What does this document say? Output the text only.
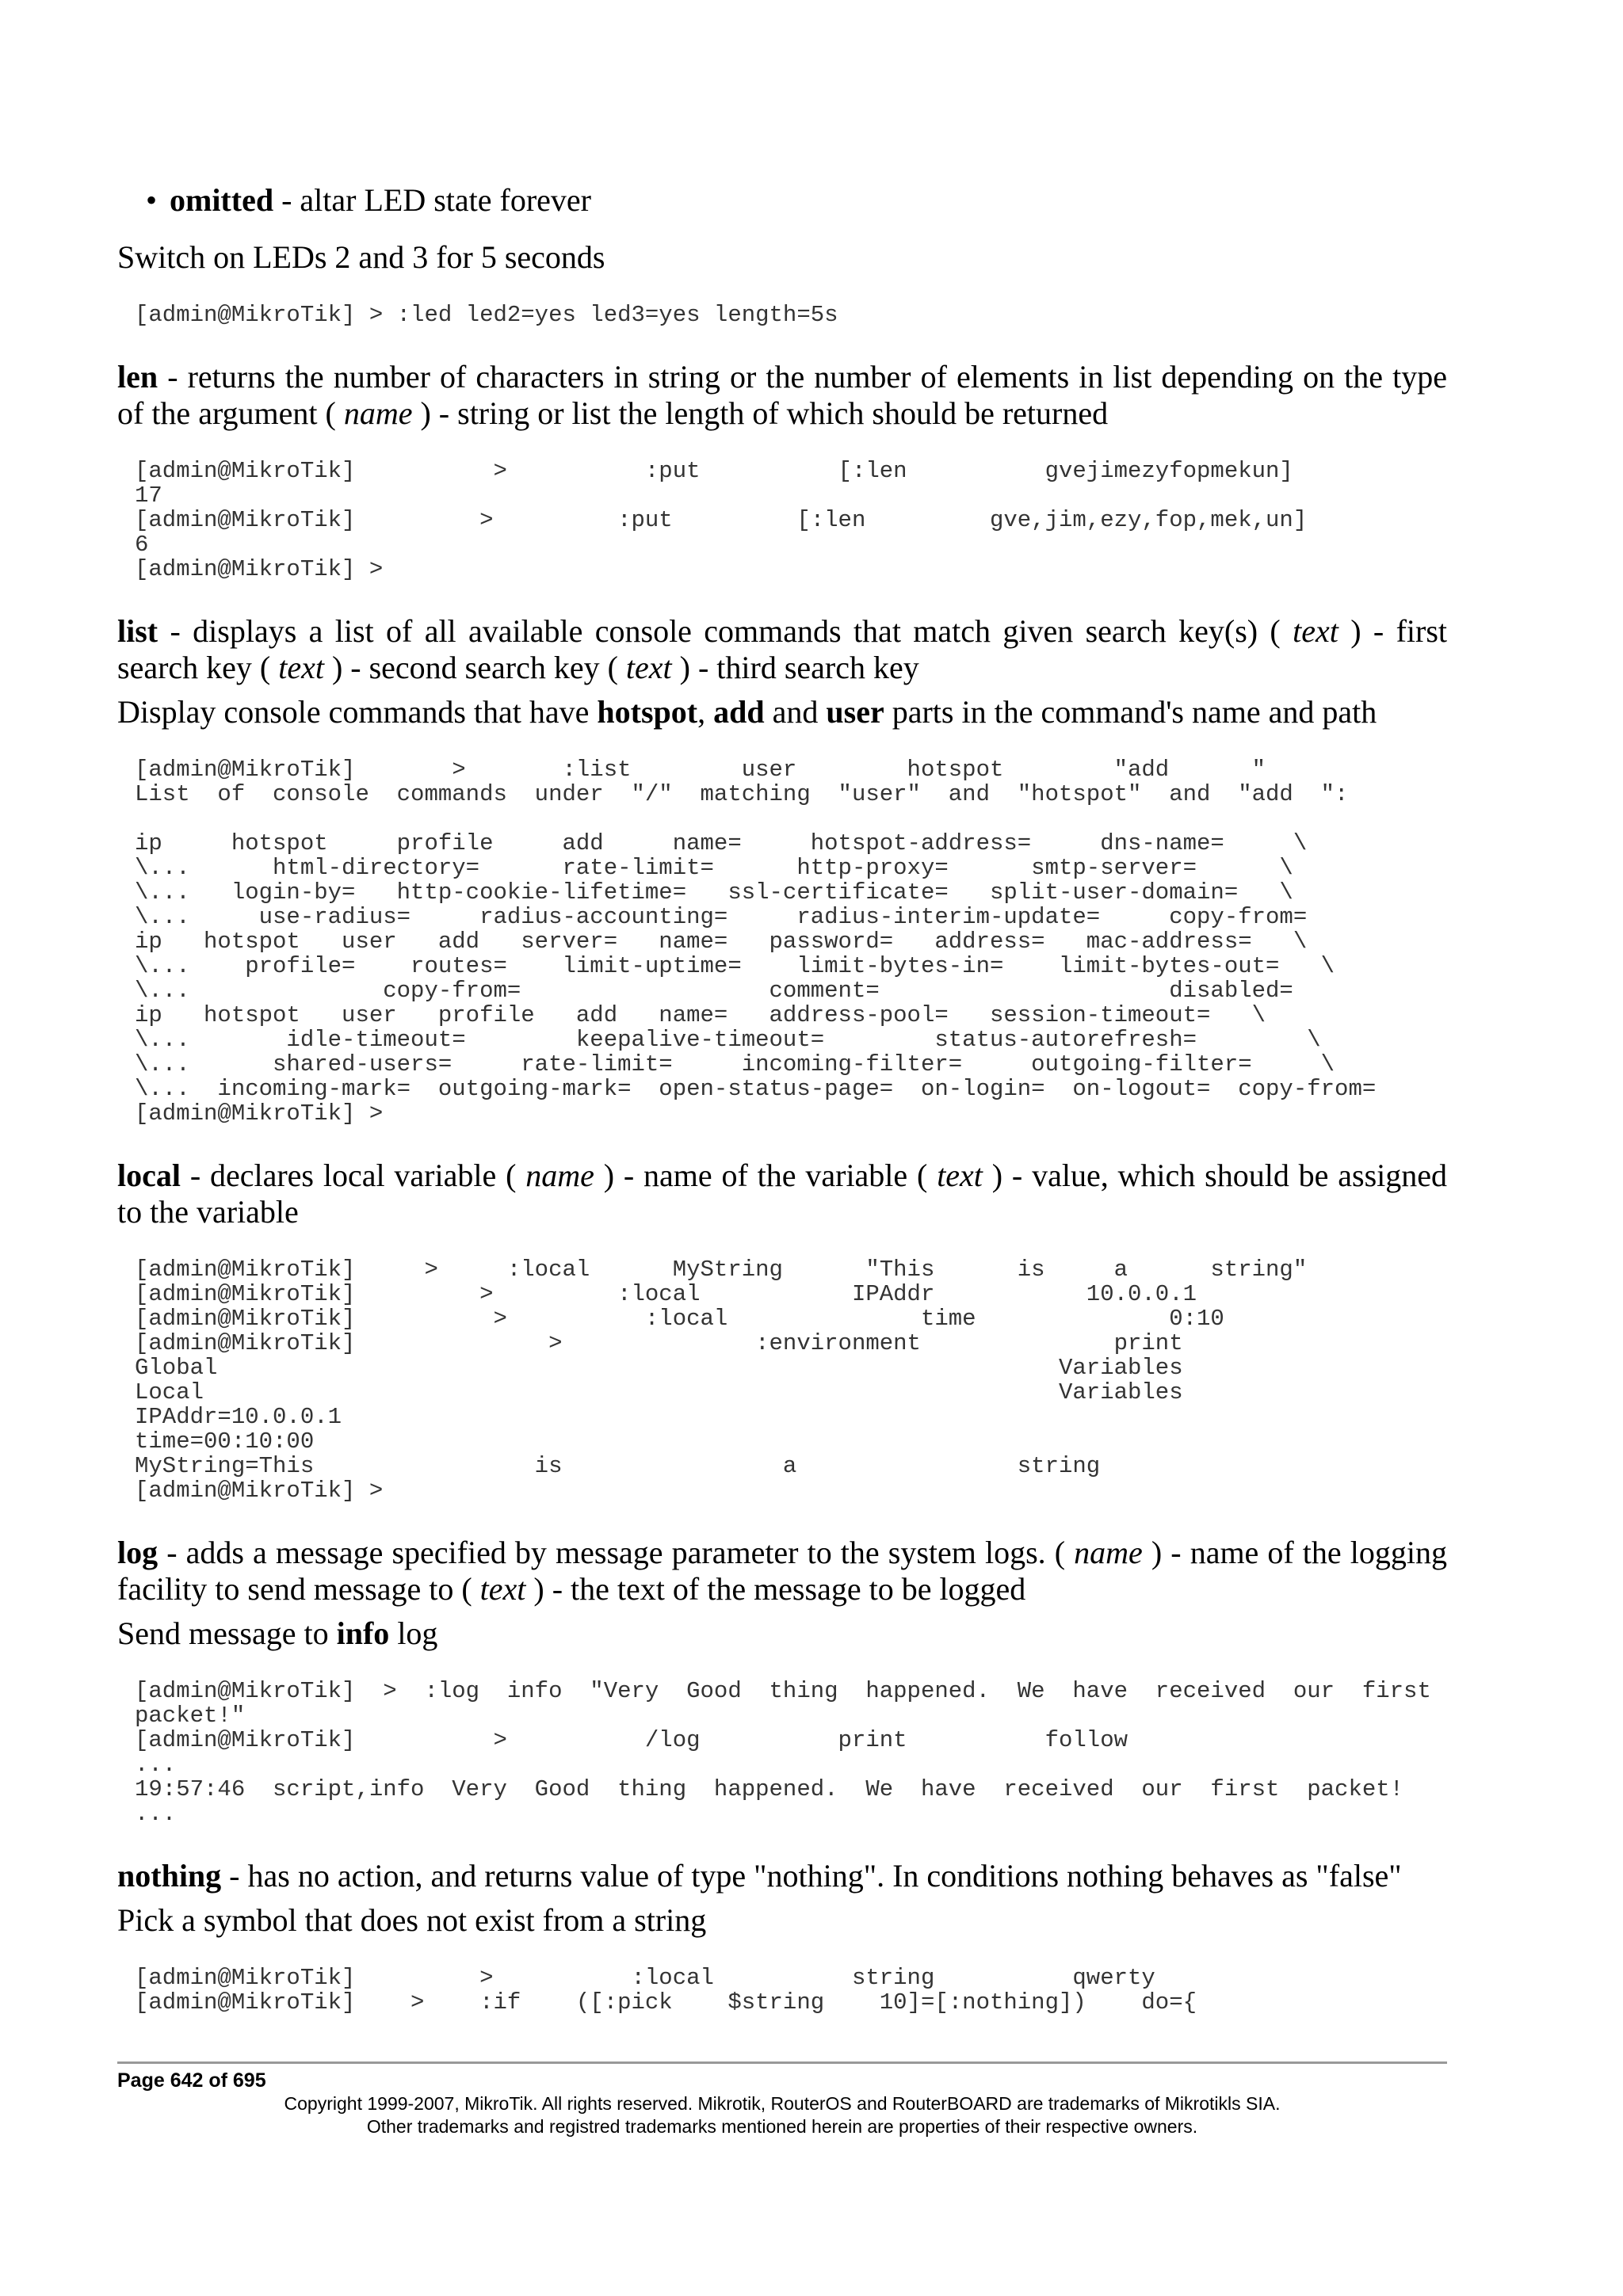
• omitted - altar LED state forever

Switch on LEDs 2 and 3 for 5 seconds

[admin@MikroTik] > :led led2=yes led3=yes length=5s

len - returns the number of characters in string or the number of elements in list depending on the type of the argument ( name ) - string or list the length of which should be returned

[admin@MikroTik]          >          :put          [:len          gvejimezyfopmekun]
17
[admin@MikroTik]         >         :put         [:len         gve,jim,ezy,fop,mek,un]
6
[admin@MikroTik] >

list - displays a list of all available console commands that match given search key(s) ( text ) - first search key ( text ) - second search key ( text ) - third search key

Display console commands that have hotspot, add and user parts in the command's name and path

[admin@MikroTik]       >       :list        user        hotspot        "add      "
List  of  console  commands  under  "/"  matching  "user"  and  "hotspot"  and  "add  ":

ip     hotspot     profile     add     name=     hotspot-address=     dns-name=     \
\...      html-directory=      rate-limit=      http-proxy=      smtp-server=      \
\...   login-by=   http-cookie-lifetime=   ssl-certificate=   split-user-domain=   \
\...     use-radius=     radius-accounting=     radius-interim-update=     copy-from=
ip   hotspot   user   add   server=   name=   password=   address=   mac-address=   \
\...    profile=    routes=    limit-uptime=    limit-bytes-in=    limit-bytes-out=   \
\...              copy-from=                  comment=                     disabled=
ip   hotspot   user   profile   add   name=   address-pool=   session-timeout=   \
\...       idle-timeout=        keepalive-timeout=        status-autorefresh=        \
\...      shared-users=     rate-limit=     incoming-filter=     outgoing-filter=     \
\...  incoming-mark=  outgoing-mark=  open-status-page=  on-login=  on-logout=  copy-from=
[admin@MikroTik] >

local - declares local variable ( name ) - name of the variable ( text ) - value, which should be assigned to the variable

[admin@MikroTik]     >     :local      MyString      "This      is     a      string"
[admin@MikroTik]         >         :local           IPAddr           10.0.0.1
[admin@MikroTik]          >          :local              time              0:10
[admin@MikroTik]              >              :environment              print
Global                                                             Variables
Local                                                              Variables
IPAddr=10.0.0.1
time=00:10:00
MyString=This                is                a                string
[admin@MikroTik] >

log - adds a message specified by message parameter to the system logs. ( name ) - name of the logging facility to send message to ( text ) - the text of the message to be logged

Send message to info log

[admin@MikroTik]  >  :log  info  "Very  Good  thing  happened.  We  have  received  our  first
packet!"
[admin@MikroTik]          >          /log          print          follow
...
19:57:46  script,info  Very  Good  thing  happened.  We  have  received  our  first  packet!
...

nothing - has no action, and returns value of type "nothing". In conditions nothing behaves as "false"

Pick a symbol that does not exist from a string

[admin@MikroTik]         >          :local          string          qwerty
[admin@MikroTik]    >    :if    ([:pick    $string    10]=[:nothing])    do={
Page 642 of 695
Copyright 1999-2007, MikroTik. All rights reserved. Mikrotik, RouterOS and RouterBOARD are trademarks of Mikrotikls SIA.
Other trademarks and registred trademarks mentioned herein are properties of their respective owners.
